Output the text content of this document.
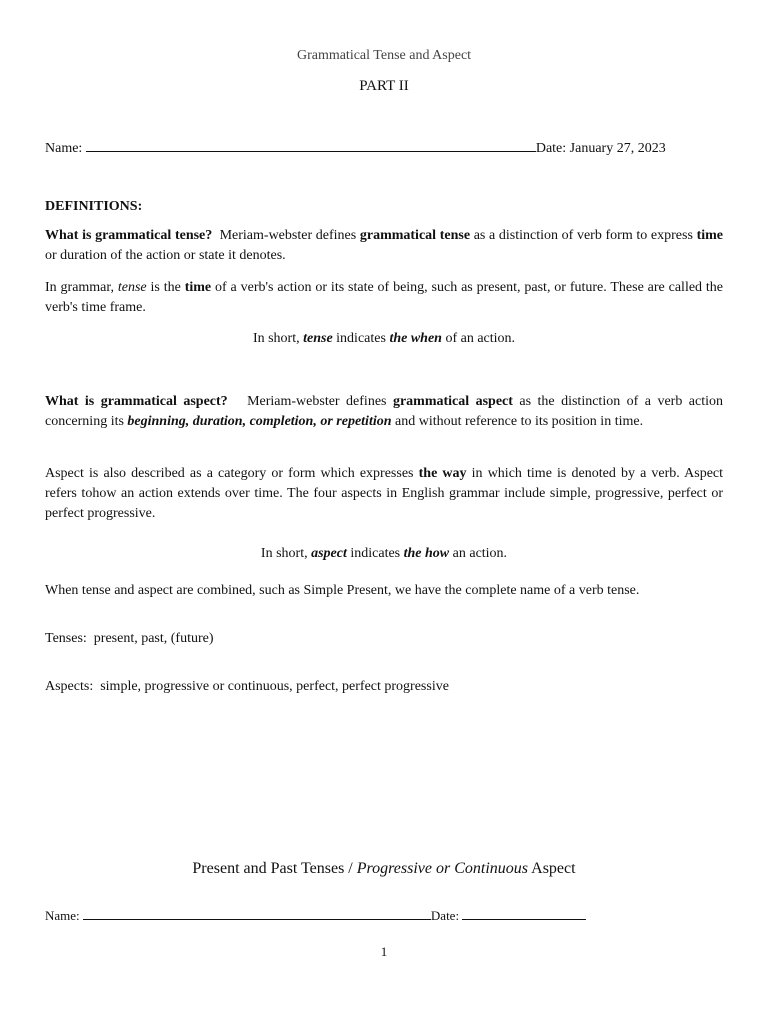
Grammatical Tense and Aspect
PART II
Name:	Date: January 27, 2023
DEFINITIONS:
What is grammatical tense? Meriam-webster defines grammatical tense as a distinction of verb form to express time or duration of the action or state it denotes.
In grammar, tense is the time of a verb's action or its state of being, such as present, past, or future. These are called the verb's time frame.
In short, tense indicates the when of an action.
What is grammatical aspect? Meriam-webster defines grammatical aspect as the distinction of a verb action concerning its beginning, duration, completion, or repetition and without reference to its position in time.
Aspect is also described as a category or form which expresses the way in which time is denoted by a verb. Aspect refers tohow an action extends over time. The four aspects in English grammar include simple, progressive, perfect or perfect progressive.
In short, aspect indicates the how an action.
When tense and aspect are combined, such as Simple Present, we have the complete name of a verb tense.
Tenses:  present, past, (future)
Aspects:  simple, progressive or continuous, perfect, perfect progressive
Present and Past Tenses / Progressive or Continuous Aspect
Name:	Date:
1
